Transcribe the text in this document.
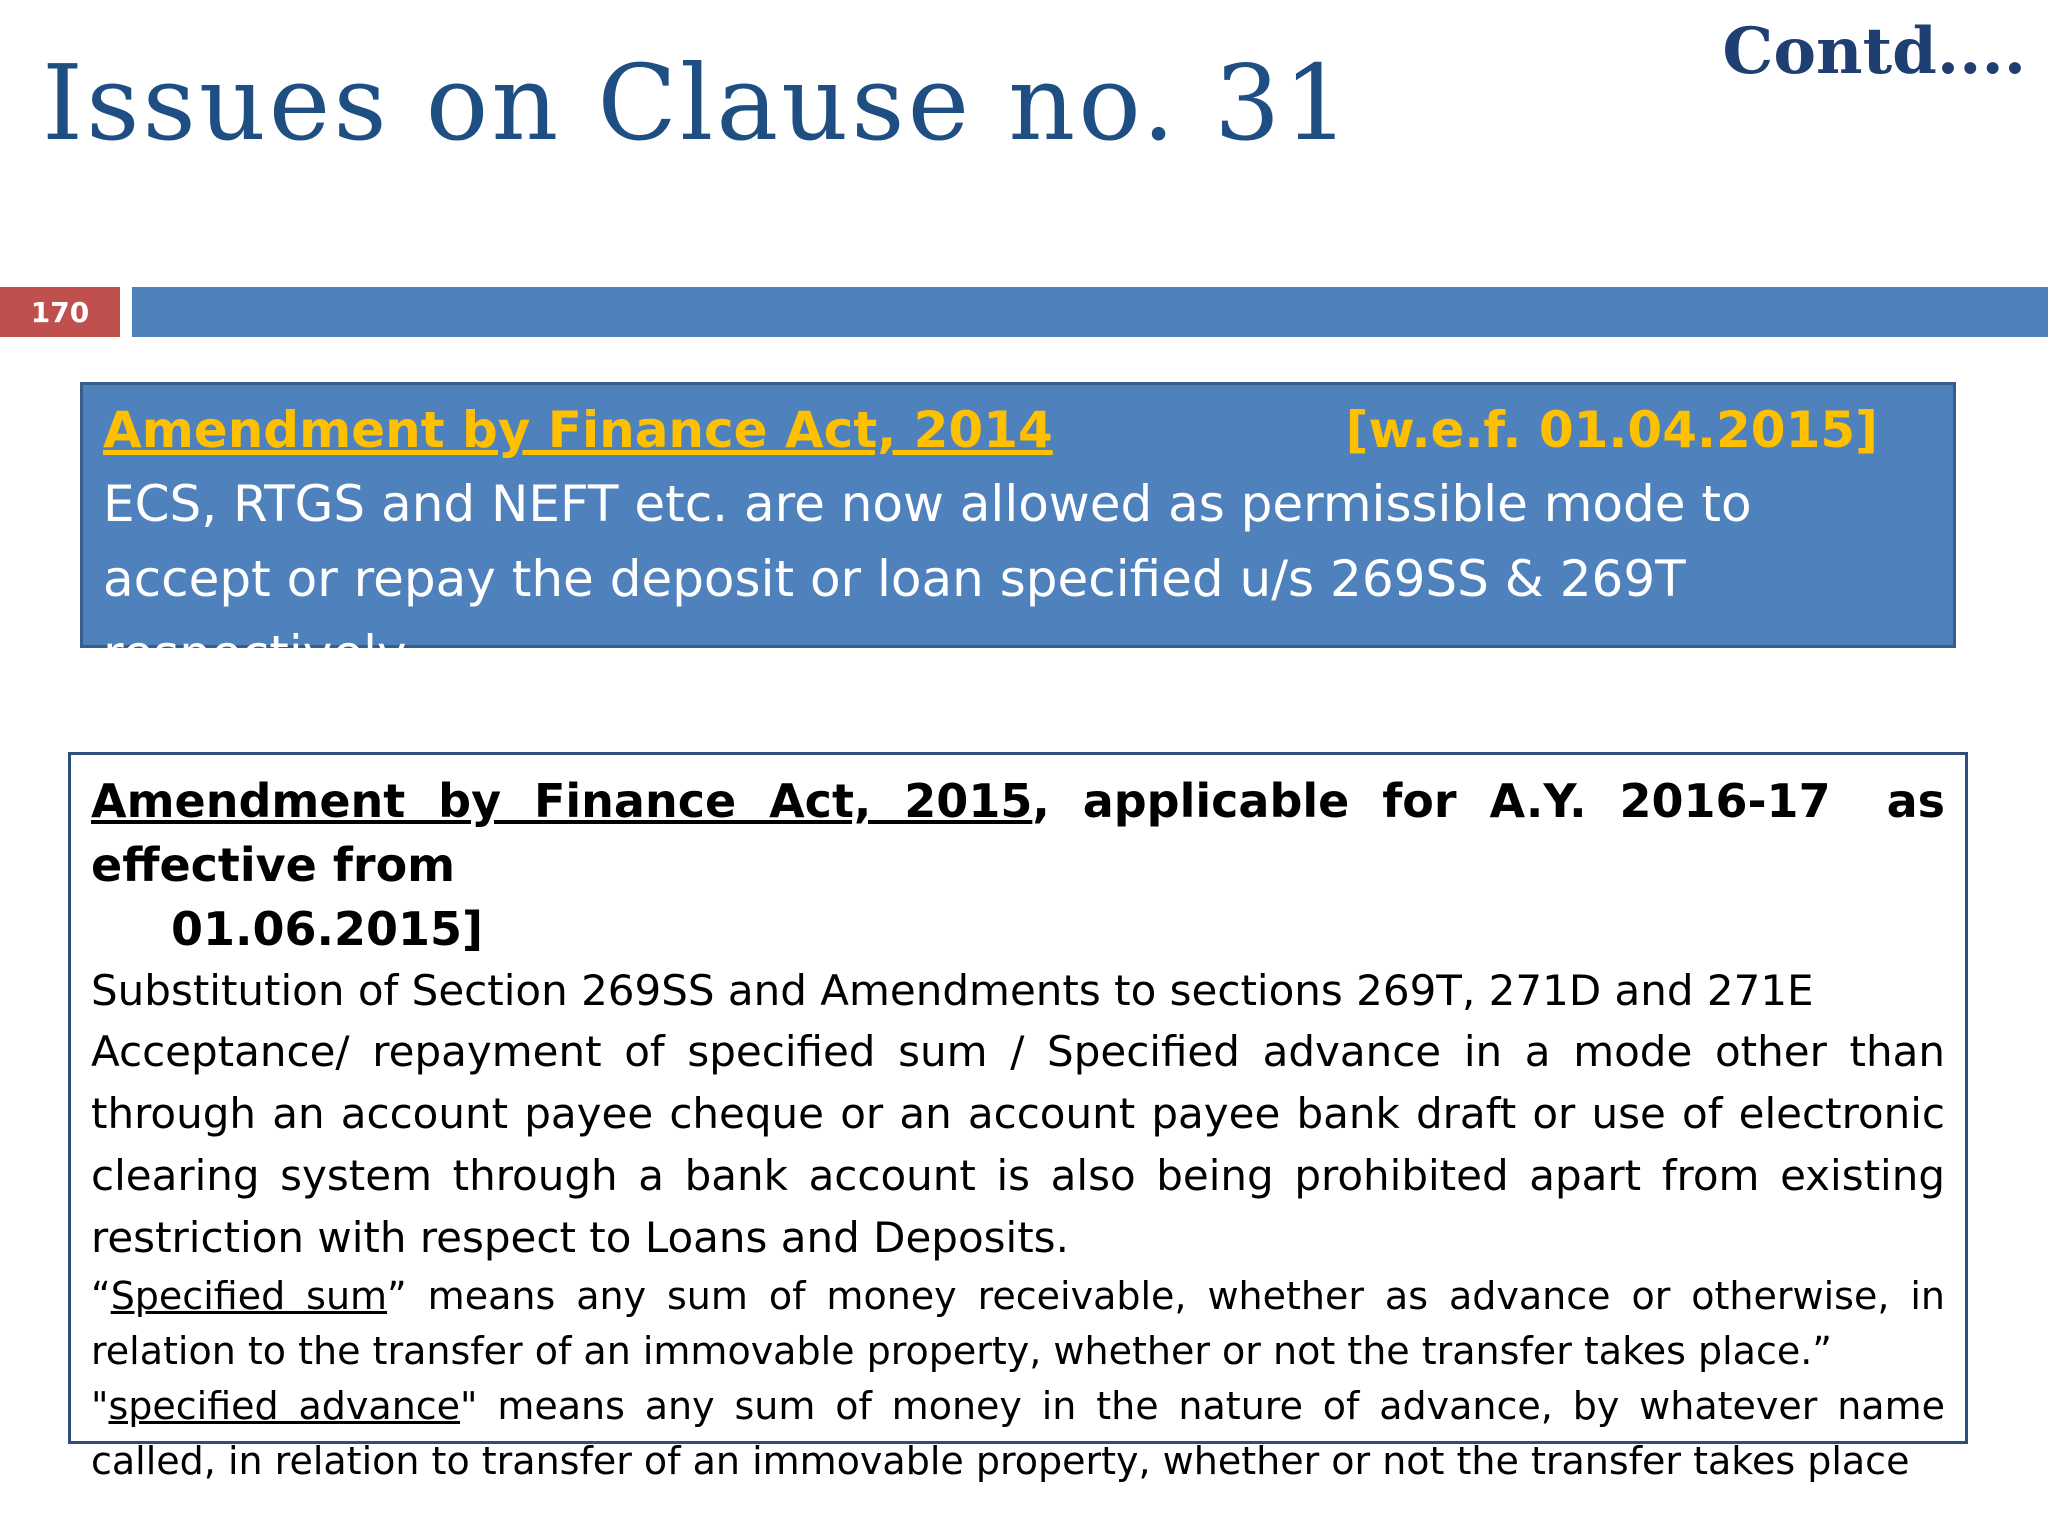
Issues on Clause no. 31	Contd....
170
Amendment by Finance Act, 2014	[w.e.f. 01.04.2015]
ECS, RTGS and NEFT etc. are now allowed as permissible mode to accept or repay the deposit or loan specified u/s 269SS & 269T respectively.
Amendment by Finance Act, 2015, applicable for A.Y. 2016-17 as effective from
01.06.2015]
Substitution of Section 269SS and Amendments to sections 269T, 271D and 271E
Acceptance/ repayment of specified sum / Specified advance in a mode other than through an account payee cheque or an account payee bank draft or use of electronic clearing system through a bank account is also being prohibited apart from existing restriction with respect to Loans and Deposits.
“Specified sum” means any sum of money receivable, whether as advance or otherwise, in relation to the transfer of an immovable property, whether or not the transfer takes place.”
"specified advance" means any sum of money in the nature of advance, by whatever name called, in relation to transfer of an immovable property, whether or not the transfer takes place
